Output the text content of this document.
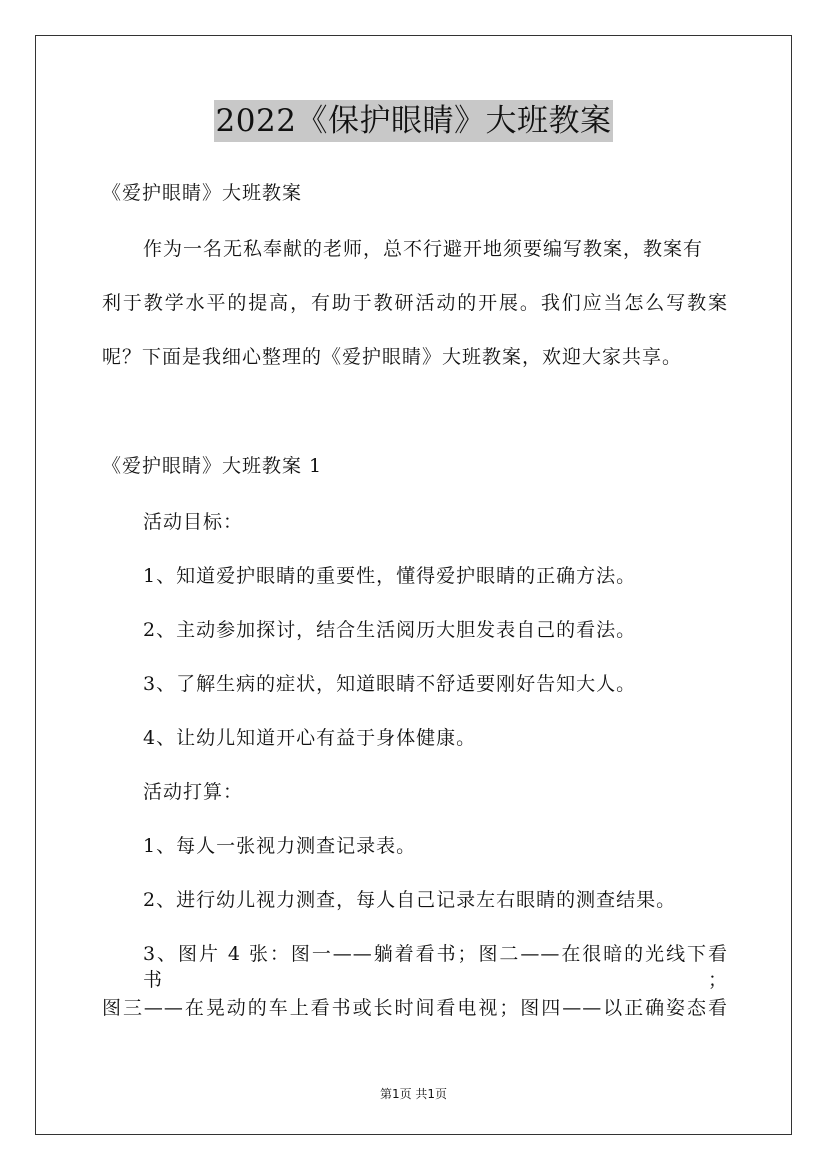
2022《保护眼睛》大班教案
《爱护眼睛》大班教案
作为一名无私奉献的老师，总不行避开地须要编写教案，教案有
利于教学水平的提高，有助于教研活动的开展。我们应当怎么写教案
呢？下面是我细心整理的《爱护眼睛》大班教案，欢迎大家共享。
《爱护眼睛》大班教案 1
活动目标：
1、知道爱护眼睛的重要性，懂得爱护眼睛的正确方法。
2、主动参加探讨，结合生活阅历大胆发表自己的看法。
3、了解生病的症状，知道眼睛不舒适要刚好告知大人。
4、让幼儿知道开心有益于身体健康。
活动打算：
1、每人一张视力测查记录表。
2、进行幼儿视力测查，每人自己记录左右眼睛的测查结果。
3、图片 4 张：图一——躺着看书；图二——在很暗的光线下看书；
图三——在晃动的车上看书或长时间看电视；图四——以正确姿态看
第1页 共1页
